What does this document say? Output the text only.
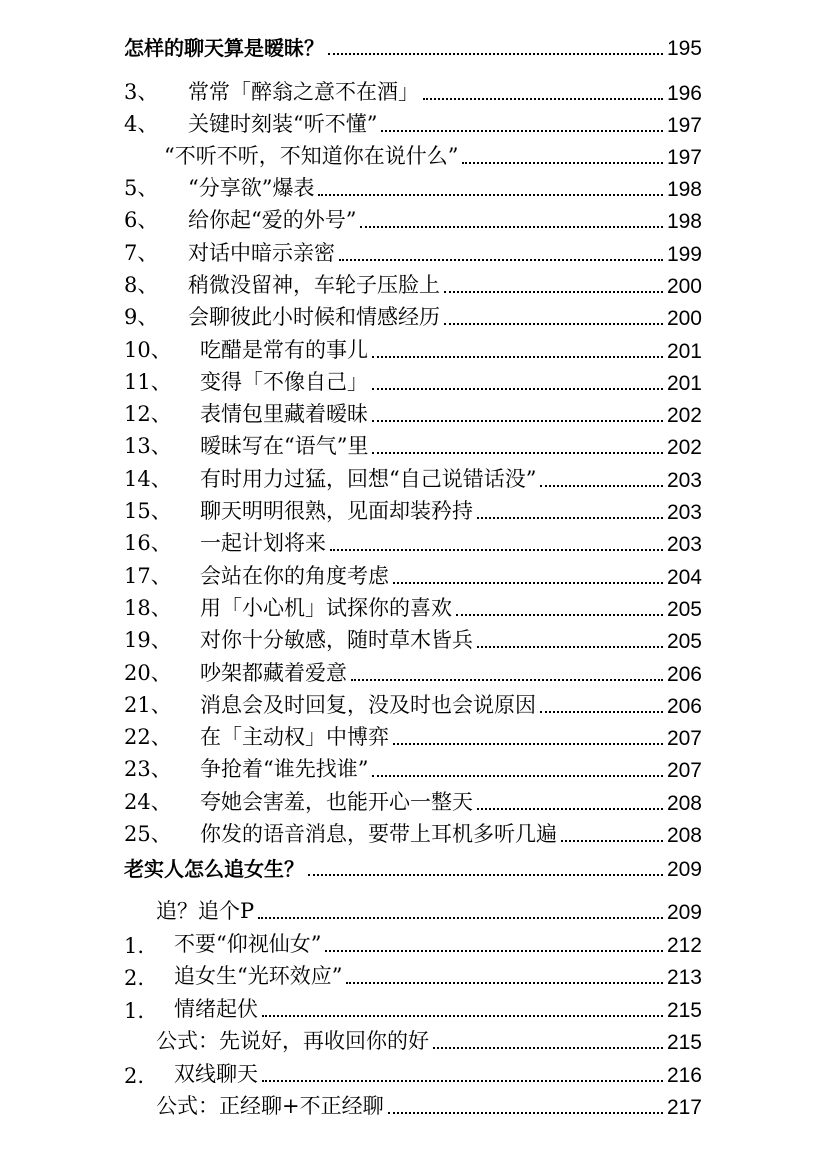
怎样的聊天算是暧昧？	195
3、 常常「醉翁之意不在酒」	196
4、 关键时刻装“听不懂”	197
“不听不听，不知道你在说什么”	197
5、 “分享欲”爆表	198
6、 给你起“爱的外号”	198
7、 对话中暗示亲密	199
8、 稍微没留神，车轮子压脸上	200
9、 会聊彼此小时候和情感经历	200
10、 吃醋是常有的事儿	201
11、 变得「不像自己」	201
12、 表情包里藏着暧昧	202
13、 暧昧写在“语气”里	202
14、 有时用力过猛，回想“自己说错话没”	203
15、 聊天明明很熟，见面却装矜持	203
16、 一起计划将来	203
17、 会站在你的角度考虑	204
18、 用「小心机」试探你的喜欢	205
19、 对你十分敏感，随时草木皆兵	205
20、 吵架都藏着爱意	206
21、 消息会及时回复，没及时也会说原因	206
22、 在「主动权」中博弈	207
23、 争抢着“谁先找谁”	207
24、 夸她会害羞，也能开心一整天	208
25、 你发的语音消息，要带上耳机多听几遍	208
老实人怎么追女生？	209
追？追个P	209
1. 不要“仰视仙女”	212
2. 追女生“光环效应”	213
1. 情绪起伏	215
公式：先说好，再收回你的好	215
2. 双线聊天	216
公式：正经聊+不正经聊	217
